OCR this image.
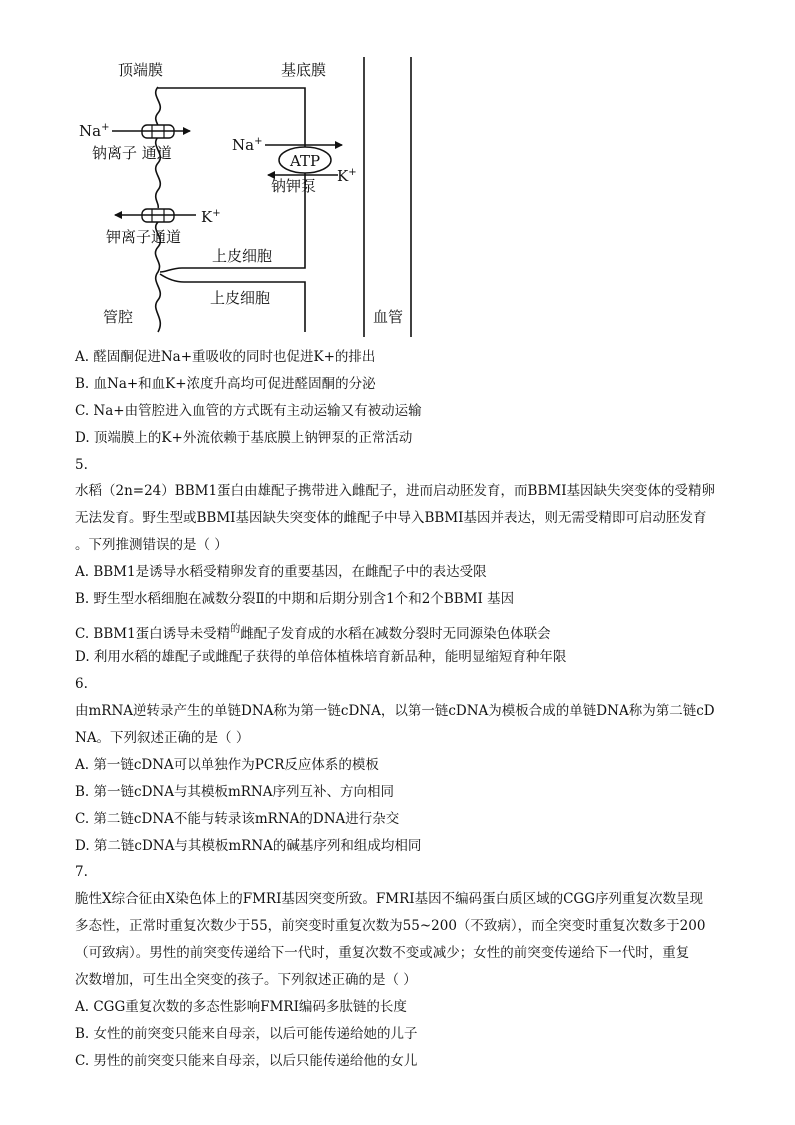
顶端膜	基底膜
Na+
钠离子 通道	Na+
ATP
K+
钠钾泵
K+
钾离子通道
上皮细胞
上皮细胞
管腔	血管
A. 醛固酮促进Na+重吸收的同时也促进K+的排出
B. 血Na+和血K+浓度升高均可促进醛固酮的分泌
C. Na+由管腔进入血管的方式既有主动运输又有被动运输
D. 顶端膜上的K+外流依赖于基底膜上钠钾泵的正常活动
5.
水稻（2n=24）BBM1蛋白由雄配子携带进入雌配子，进而启动胚发育，而BBMI基因缺失突变体的受精卵
无法发育。野生型或BBMI基因缺失突变体的雌配子中导入BBMI基因并表达，则无需受精即可启动胚发育
。下列推测错误的是（ ）
A. BBM1是诱导水稻受精卵发育的重要基因，在雌配子中的表达受限
B. 野生型水稻细胞在减数分裂Ⅱ的中期和后期分别含1个和2个BBMI 基因
C. BBM1蛋白诱导未受精$^的$雌配子发育成的水稻在减数分裂时无同源染色体联会
D. 利用水稻的雄配子或雌配子获得的单倍体植株培育新品种，能明显缩短育种年限
6.
由mRNA逆转录产生的单链DNA称为第一链cDNA，以第一链cDNA为模板合成的单链DNA称为第二链cD
NA。下列叙述正确的是（ ）
A. 第一链cDNA可以单独作为PCR反应体系的模板
B. 第一链cDNA与其模板mRNA序列互补、方向相同
C. 第二链cDNA不能与转录该mRNA的DNA进行杂交
D. 第二链cDNA与其模板mRNA的碱基序列和组成均相同
7.
脆性X综合征由X染色体上的FMRI基因突变所致。FMRI基因不编码蛋白质区域的CGG序列重复次数呈现
多态性，正常时重复次数少于55，前突变时重复次数为55~200（不致病），而全突变时重复次数多于200
（可致病）。男性的前突变传递给下一代时，重复次数不变或减少；女性的前突变传递给下一代时，重复
次数增加，可生出全突变的孩子。下列叙述正确的是（ ）
A. CGG重复次数的多态性影响FMRI编码多肽链的长度
B. 女性的前突变只能来自母亲，以后可能传递给她的儿子
C. 男性的前突变只能来自母亲，以后只能传递给他的女儿
